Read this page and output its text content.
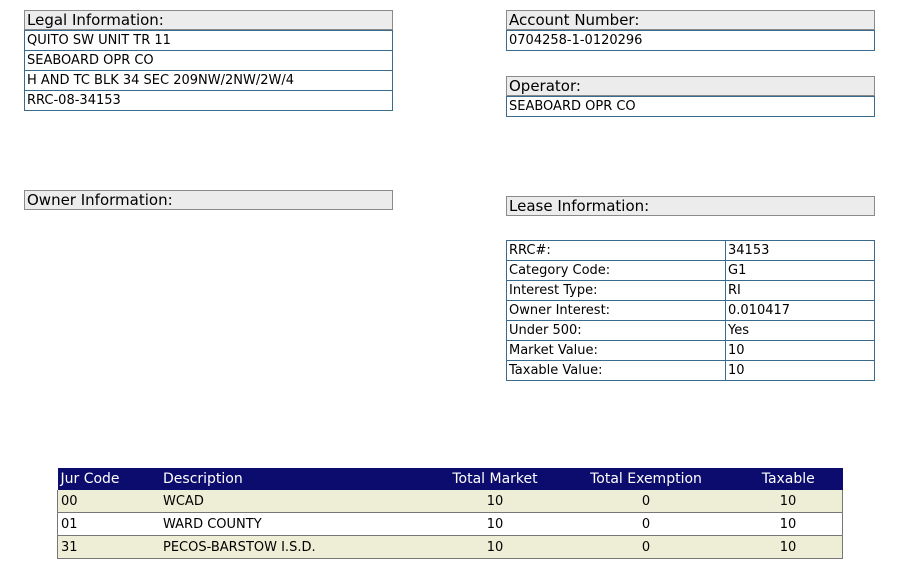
Legal Information:
QUITO SW UNIT TR 11
SEABOARD OPR CO
H AND TC BLK 34 SEC 209NW/2NW/2W/4
RRC-08-34153
Account Number:
0704258-1-0120296
Operator:
SEABOARD OPR CO
Owner Information:	Lease Information:
RRC#:	34153
Category Code:	G1
Interest Type:	RI
Owner Interest:	0.010417
Under 500:	Yes
Market Value:	10
Taxable Value:	10
Jur Code	Description	Total Market	Total Exemption	Taxable
00	WCAD	10	0	10
01	WARD COUNTY	10	0	10
31	PECOS-BARSTOW I.S.D.	10	0	10
